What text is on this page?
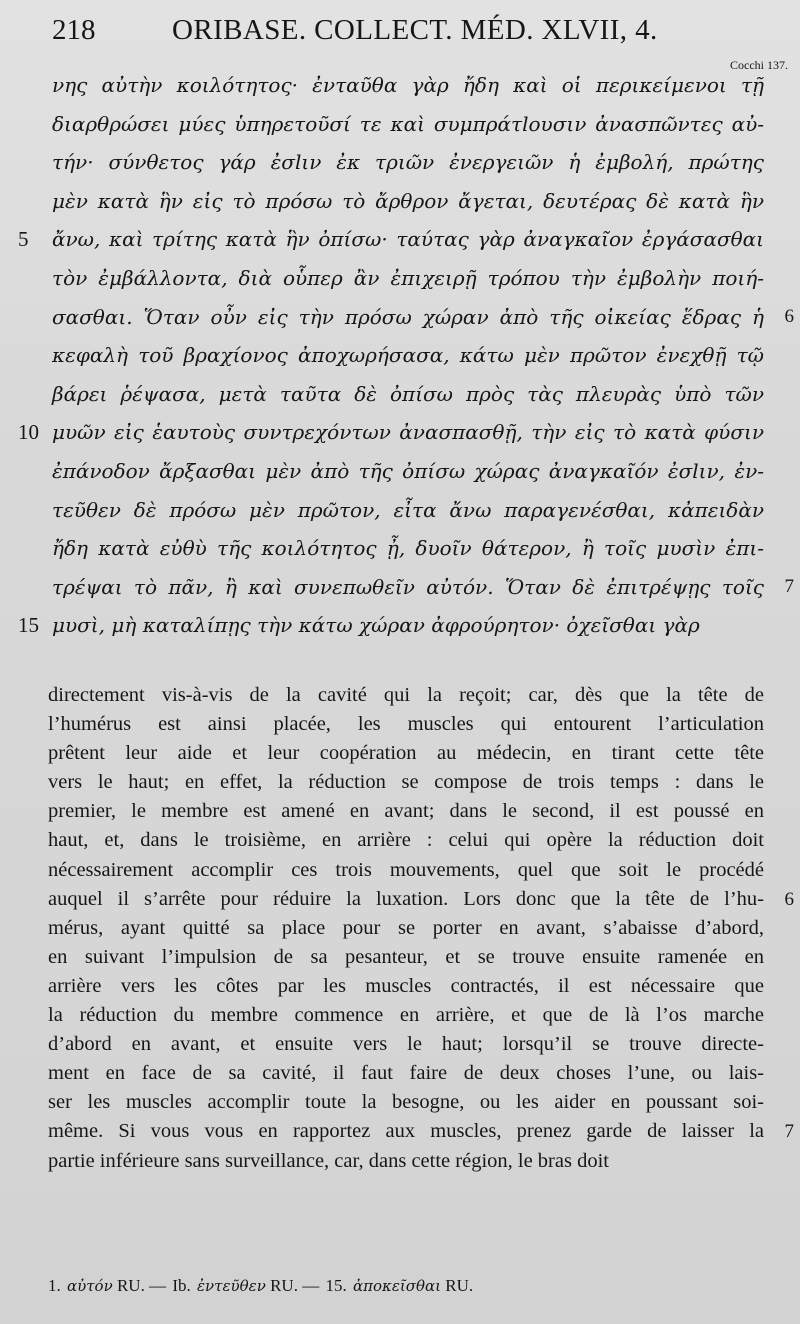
218	ORIBASE. COLLECT. MÉD. XLVII, 4.
Cocchi 137.
νης αὐτὴν κοιλότητος· ἐνταῦθα γὰρ ἤδη καὶ οἱ περικείμενοι τῇ
διαρθρώσει μύες ὑπηρετοῦσί τε καὶ συμπράτlουσιν ἀνασπῶντες αὐ-
τήν· σύνθετος γάρ ἐσlιν ἐκ τριῶν ἐνεργειῶν ἡ ἐμβολή, πρώτης
μὲν κατὰ ἣν εἰς τὸ πρόσω τὸ ἄρθρον ἄγεται, δευτέρας δὲ κατὰ ἣν
5 ἄνω, καὶ τρίτης κατὰ ἣν ὀπίσω· ταύτας γὰρ ἀναγκαῖον ἐργάσασθαι
τὸν ἐμβάλλοντα, διὰ οὗπερ ἂν ἐπιχειρῇ τρόπου τὴν ἐμβολὴν ποιή-
σασθαι. Ὅταν οὖν εἰς τὴν πρόσω χώραν ἀπὸ τῆς οἰκείας ἕδρας ἡ 6
κεφαλὴ τοῦ βραχίονος ἀποχωρήσασα, κάτω μὲν πρῶτον ἐνεχθῇ τῷ
βάρει ῥέψασα, μετὰ ταῦτα δὲ ὀπίσω πρὸς τὰς πλευρὰς ὑπὸ τῶν
10 μυῶν εἰς ἑαυτοὺς συντρεχόντων ἀνασπασθῇ, τὴν εἰς τὸ κατὰ φύσιν
ἐπάνοδον ἄρξασθαι μὲν ἀπὸ τῆς ὀπίσω χώρας ἀναγκαῖόν ἐσlιν, ἐν-
τεῦθεν δὲ πρόσω μὲν πρῶτον, εἶτα ἄνω παραγενέσθαι, κἀπειδὰν
ἤδη κατὰ εὐθὺ τῆς κοιλότητος ᾖ, δυοῖν θάτερον, ἢ τοῖς μυσὶν ἐπι-
τρέψαι τὸ πᾶν, ἢ καὶ συνεπωθεῖν αὐτόν. Ὅταν δὲ ἐπιτρέψῃς τοῖς 7
15 μυσὶ, μὴ καταλίπῃς τὴν κάτω χώραν ἀφρούρητον· ὀχεῖσθαι γὰρ
directement vis-à-vis de la cavité qui la reçoit; car, dès que la tête de
l’humérus est ainsi placée, les muscles qui entourent l’articulation
prêtent leur aide et leur coopération au médecin, en tirant cette tête
vers le haut; en effet, la réduction se compose de trois temps : dans le
premier, le membre est amené en avant; dans le second, il est poussé en
haut, et, dans le troisième, en arrière : celui qui opère la réduction doit
nécessairement accomplir ces trois mouvements, quel que soit le procédé
auquel il s’arrête pour réduire la luxation. Lors donc que la tête de l’hu- 6
mérus, ayant quitté sa place pour se porter en avant, s’abaisse d’abord,
en suivant l’impulsion de sa pesanteur, et se trouve ensuite ramenée en
arrière vers les côtes par les muscles contractés, il est nécessaire que
la réduction du membre commence en arrière, et que de là l’os marche
d’abord en avant, et ensuite vers le haut; lorsqu’il se trouve directe-
ment en face de sa cavité, il faut faire de deux choses l’une, ou lais-
ser les muscles accomplir toute la besogne, ou les aider en poussant soi-
même. Si vous vous en rapportez aux muscles, prenez garde de laisser la 7
partie inférieure sans surveillance, car, dans cette région, le bras doit
1. αὐτόν RU. — Ib. ἐντεῦθεν RU. — 15. ἀποκεῖσθαι RU.
